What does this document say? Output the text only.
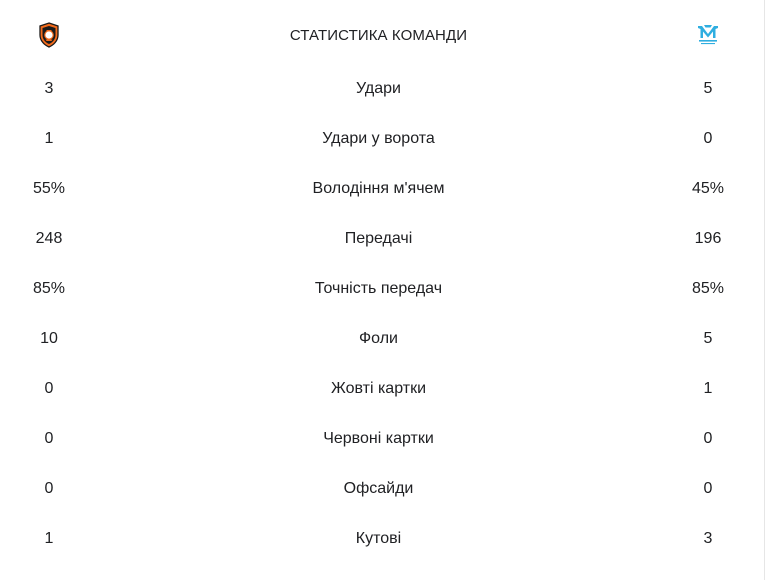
СТАТИСТИКА КОМАНДИ
3	Удари	5
1	Удари у ворота	0
55%	Володіння м'ячем	45%
248	Передачі	196
85%	Точність передач	85%
10	Фоли	5
0	Жовті картки	1
0	Червоні картки	0
0	Офсайди	0
1	Кутові	3
